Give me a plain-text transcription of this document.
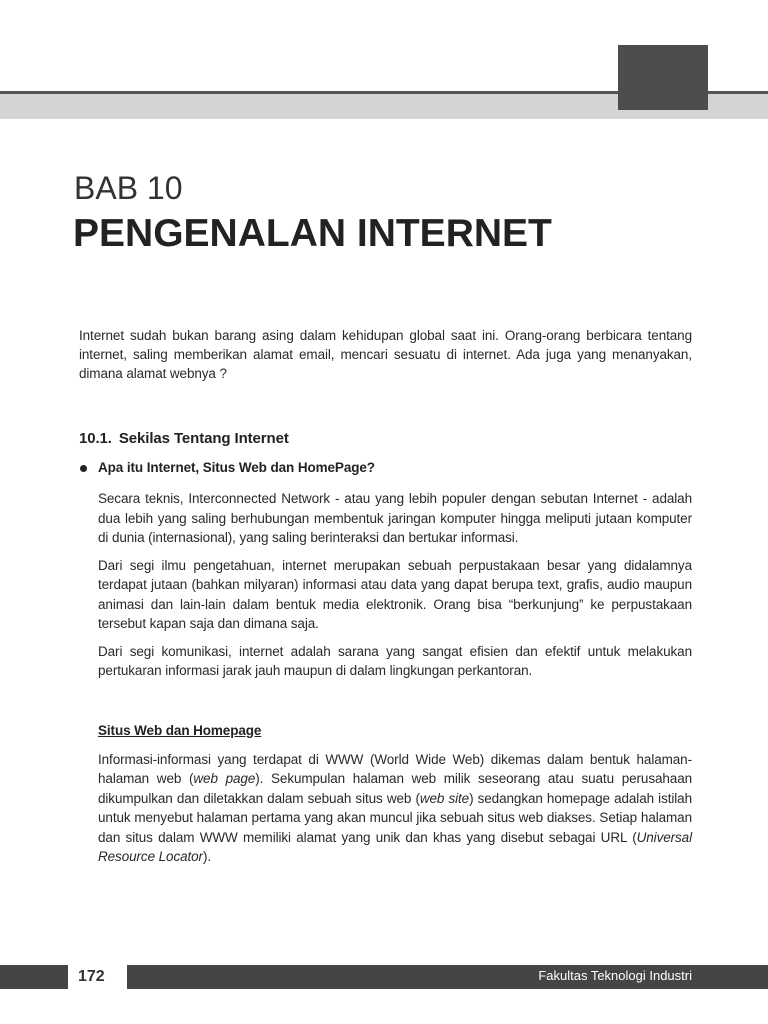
BAB 10
PENGENALAN INTERNET

Internet sudah bukan barang asing dalam kehidupan global saat ini. Orang-orang berbicara tentang internet, saling memberikan alamat email, mencari sesuatu di internet. Ada juga yang menanyakan, dimana alamat webnya ?

10.1. Sekilas Tentang Internet
Apa itu Internet, Situs Web dan HomePage?

Secara teknis, Interconnected Network - atau yang lebih populer dengan sebutan Internet - adalah dua lebih yang saling berhubungan membentuk jaringan komputer hingga meliputi jutaan komputer di dunia (internasional), yang saling berinteraksi dan bertukar informasi.

Dari segi ilmu pengetahuan, internet merupakan sebuah perpustakaan besar yang didalamnya terdapat jutaan (bahkan milyaran) informasi atau data yang dapat berupa text, grafis, audio maupun animasi dan lain-lain dalam bentuk media elektronik. Orang bisa “berkunjung” ke perpustakaan tersebut kapan saja dan dimana saja.

Dari segi komunikasi, internet adalah sarana yang sangat efisien dan efektif untuk melakukan pertukaran informasi jarak jauh maupun di dalam lingkungan perkantoran.

Situs Web dan Homepage

Informasi-informasi yang terdapat di WWW (World Wide Web) dikemas dalam bentuk halaman-halaman web (web page). Sekumpulan halaman web milik seseorang atau suatu perusahaan dikumpulkan dan diletakkan dalam sebuah situs web (web site) sedangkan homepage adalah istilah untuk menyebut halaman pertama yang akan muncul jika sebuah situs web diakses. Setiap halaman dan situs dalam WWW memiliki alamat yang unik dan khas yang disebut sebagai URL (Universal Resource Locator).

172	Fakultas Teknologi Industri
